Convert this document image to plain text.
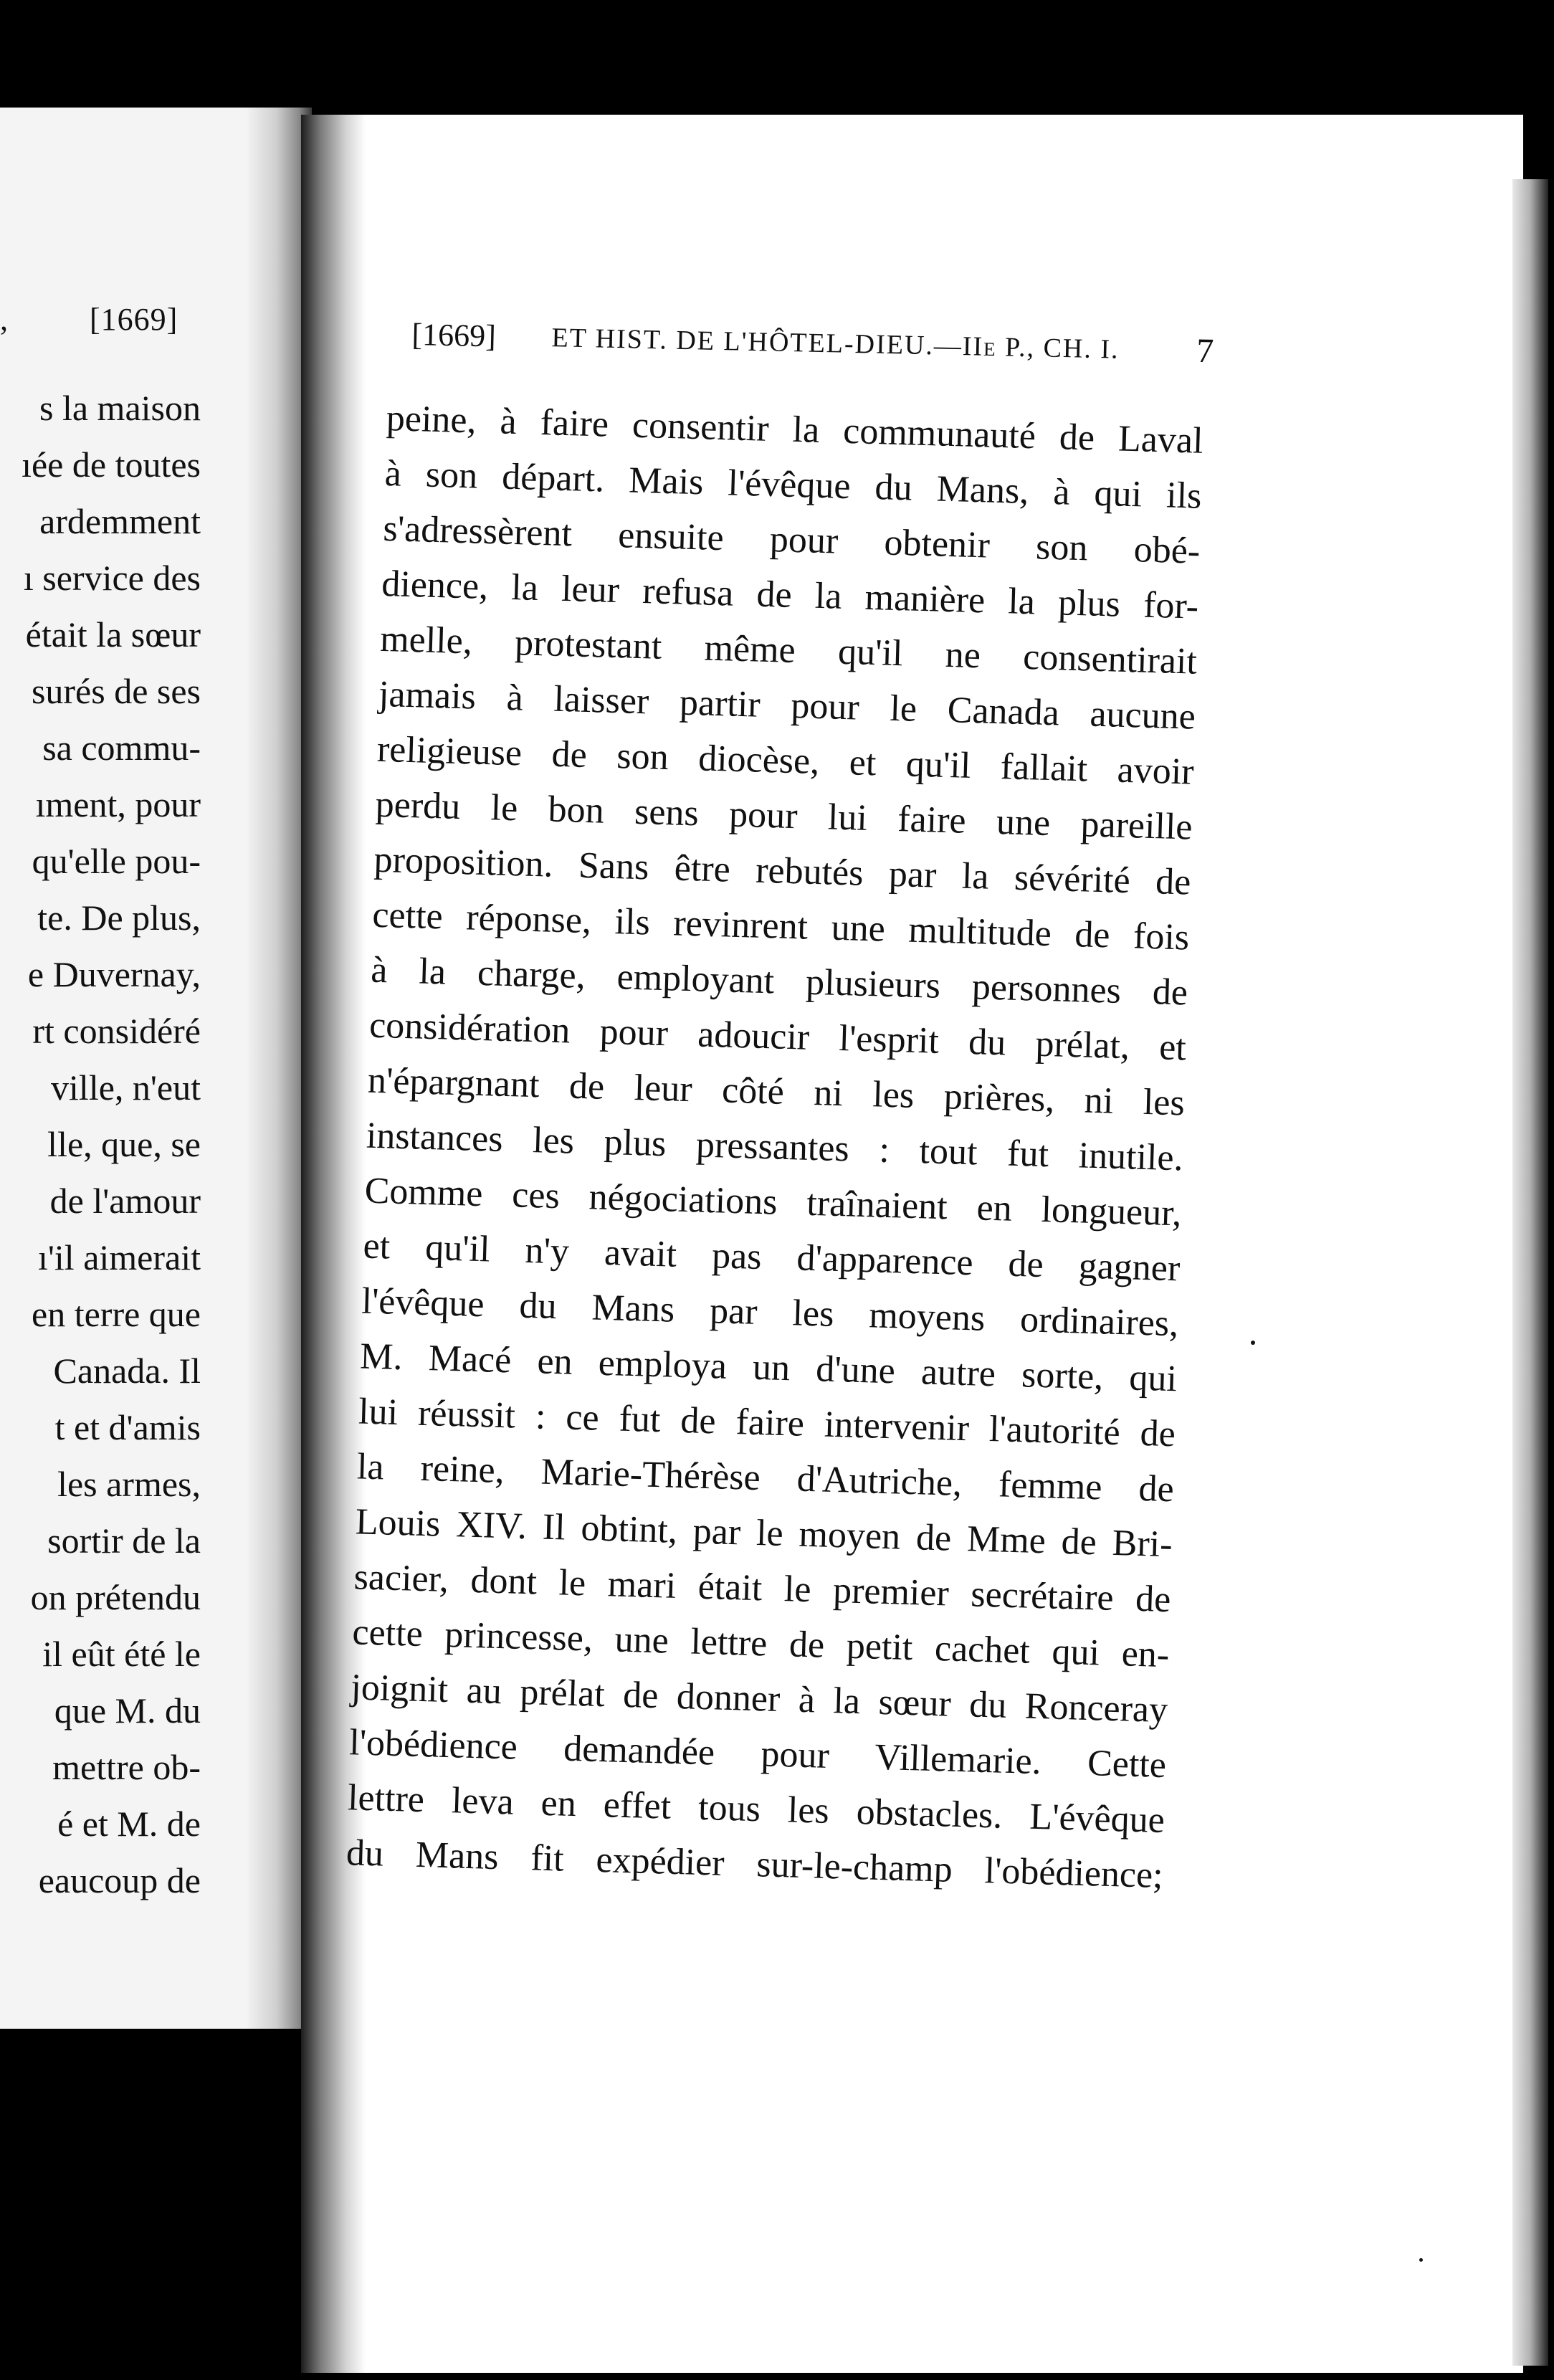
,	[1669]
s la maison
ıée de toutes
ardemment
ı service des
était la sœur
surés de ses
sa commu-
ıment, pour
qu'elle pou-
te. De plus,
e Duvernay,
rt considéré
ville, n'eut
lle, que, se
de l'amour
ı'il aimerait
en terre que
Canada. Il
t et d'amis
les armes,
sortir de la
on prétendu
il eût été le
que M. du
mettre ob-
é et M. de
eaucoup de
[1669] ET HIST. DE L'HÔTEL-DIEU.—IIe P., CH. I. 7
peine, à faire consentir la communauté de Laval
à son départ. Mais l'évêque du Mans, à qui ils
s'adressèrent ensuite pour obtenir son obé-
dience, la leur refusa de la manière la plus for-
melle, protestant même qu'il ne consentirait
jamais à laisser partir pour le Canada aucune
religieuse de son diocèse, et qu'il fallait avoir
perdu le bon sens pour lui faire une pareille
proposition. Sans être rebutés par la sévérité de
cette réponse, ils revinrent une multitude de fois
à la charge, employant plusieurs personnes de
considération pour adoucir l'esprit du prélat, et
n'épargnant de leur côté ni les prières, ni les
instances les plus pressantes : tout fut inutile.
Comme ces négociations traînaient en longueur,
et qu'il n'y avait pas d'apparence de gagner
l'évêque du Mans par les moyens ordinaires,
M. Macé en employa un d'une autre sorte, qui
lui réussit : ce fut de faire intervenir l'autorité de
la reine, Marie-Thérèse d'Autriche, femme de
Louis XIV. Il obtint, par le moyen de Mme de Bri-
sacier, dont le mari était le premier secrétaire de
cette princesse, une lettre de petit cachet qui en-
joignit au prélat de donner à la sœur du Ronceray
l'obédience demandée pour Villemarie. Cette
lettre leva en effet tous les obstacles. L'évêque
du Mans fit expédier sur-le-champ l'obédience;
